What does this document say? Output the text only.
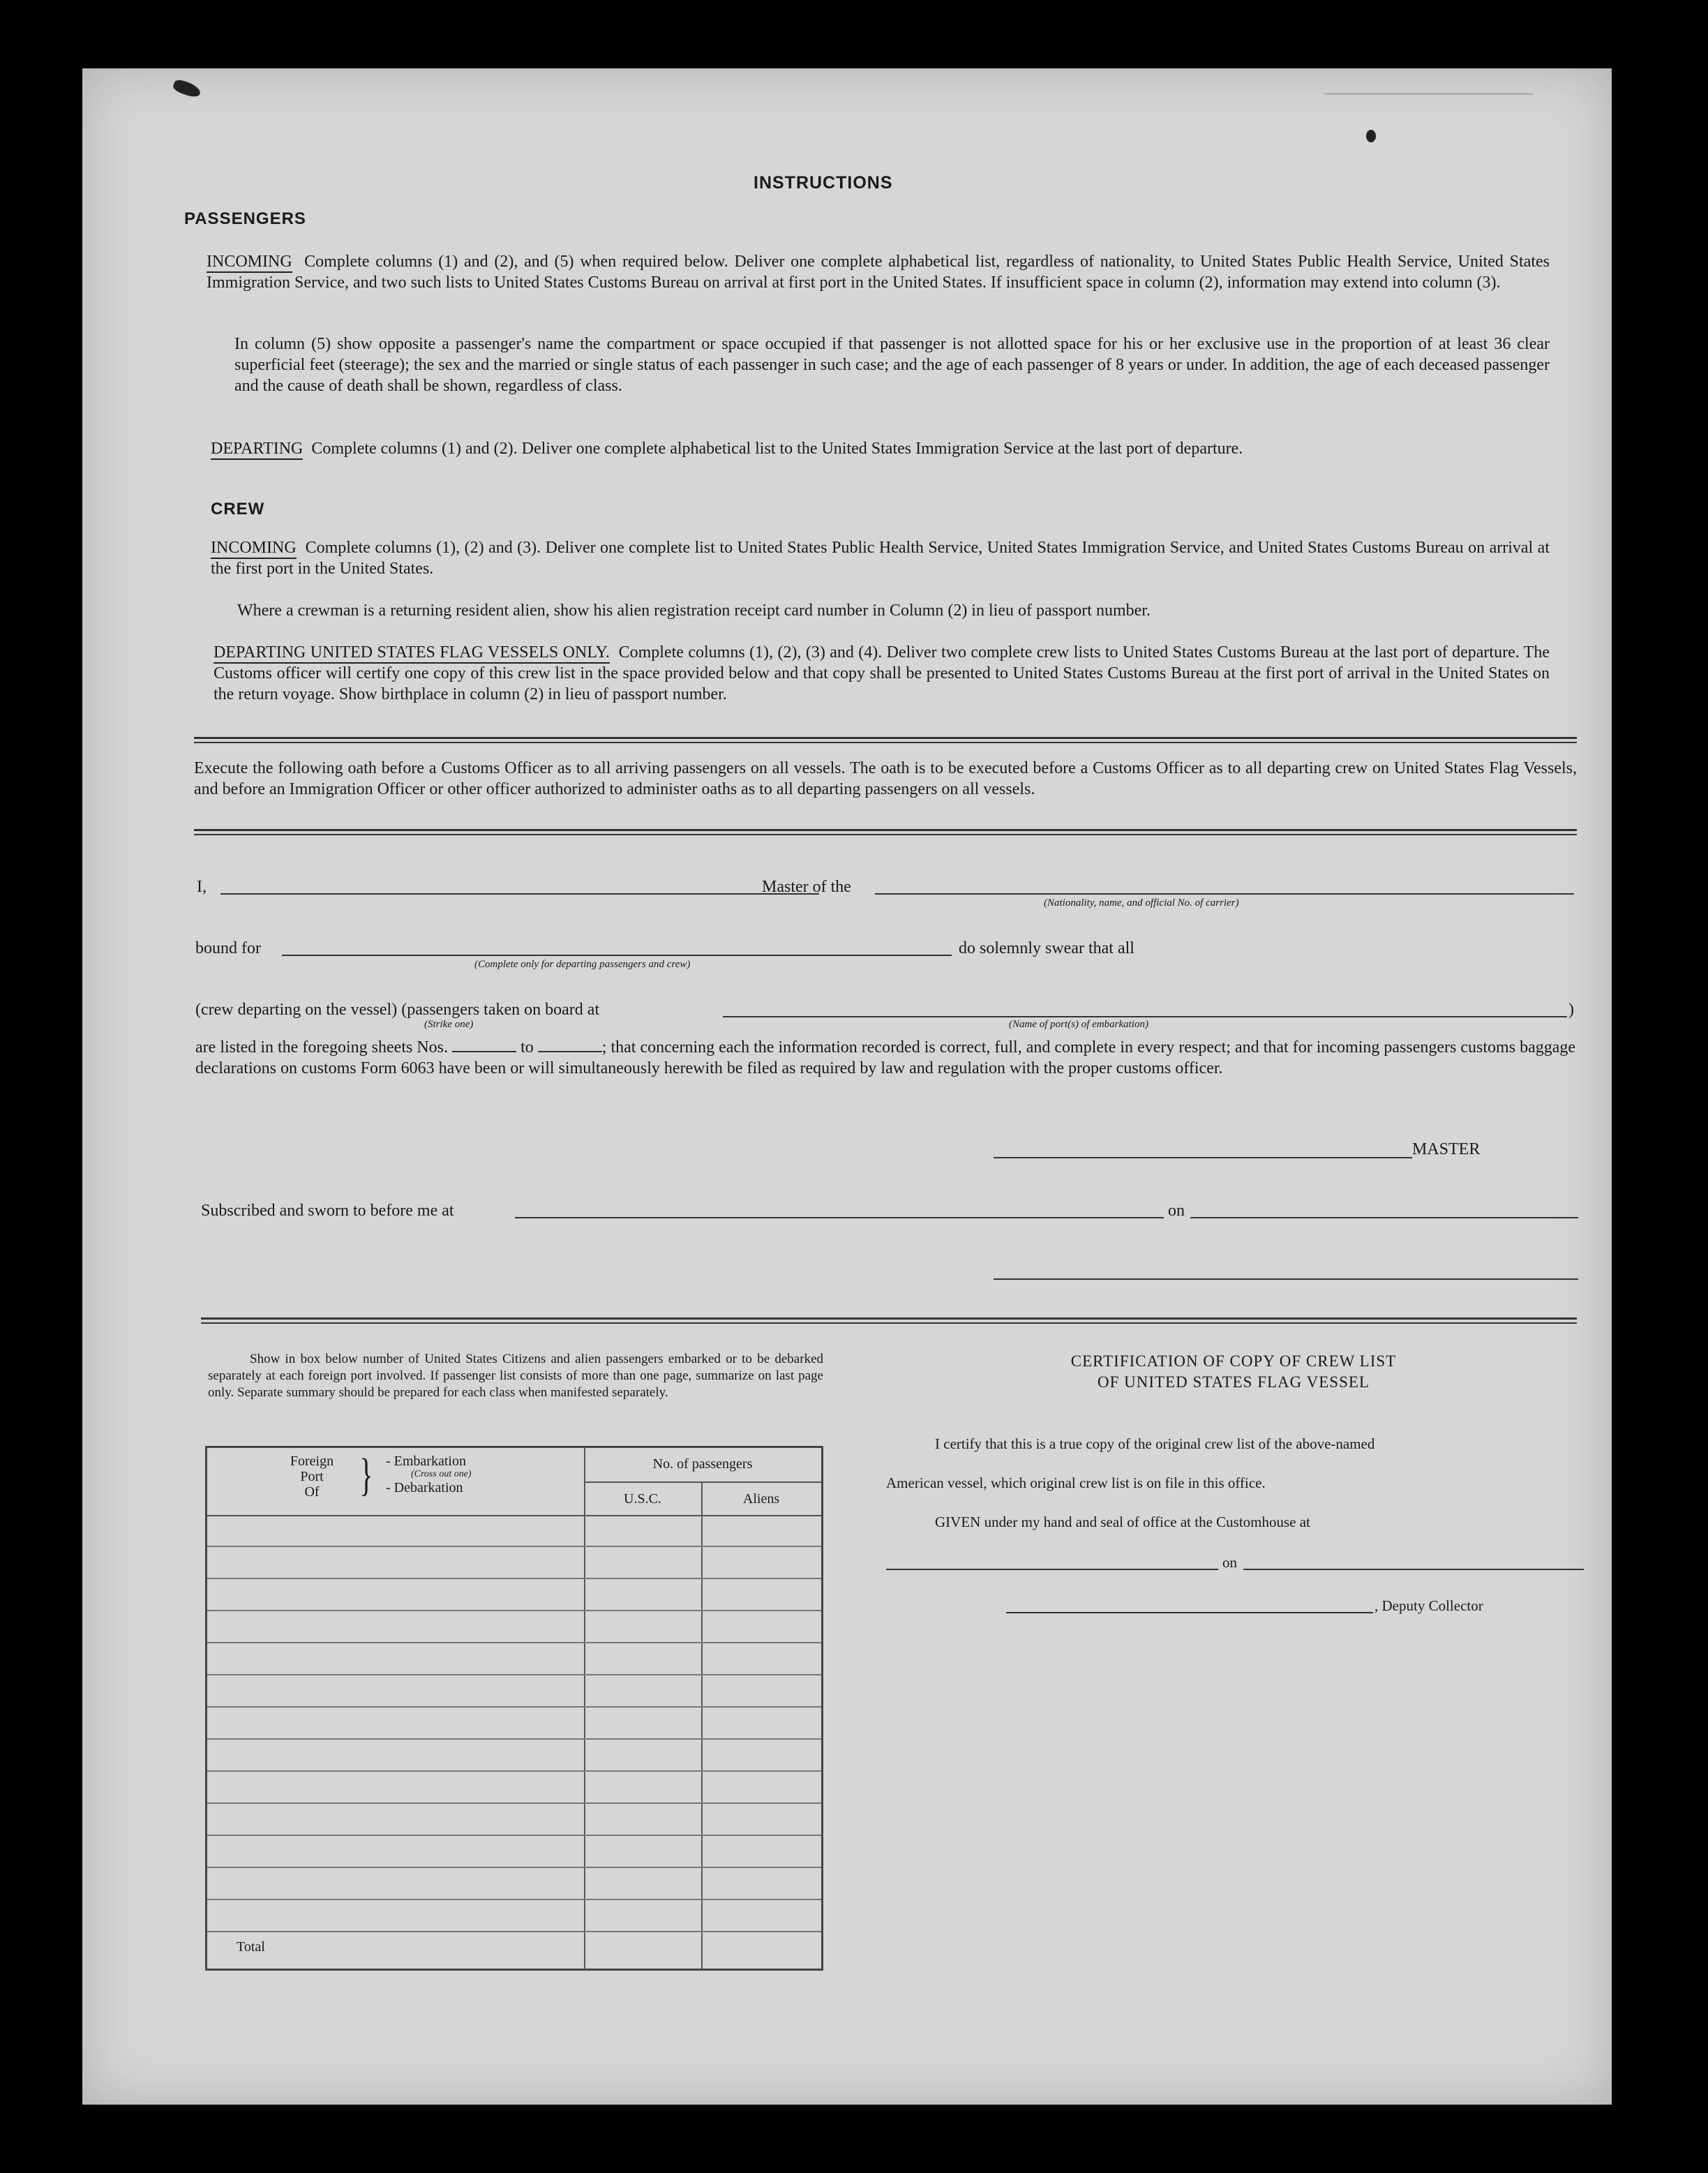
INSTRUCTIONS
PASSENGERS
INCOMING Complete columns (1) and (2), and (5) when required below. Deliver one complete alphabetical list, regardless of nationality, to United States Public Health Service, United States Immigration Service, and two such lists to United States Customs Bureau on arrival at first port in the United States. If insufficient space in column (2), information may extend into column (3).
In column (5) show opposite a passenger's name the compartment or space occupied if that passenger is not allotted space for his or her exclusive use in the proportion of at least 36 clear superficial feet (steerage); the sex and the married or single status of each passenger in such case; and the age of each passenger of 8 years or under. In addition, the age of each deceased passenger and the cause of death shall be shown, regardless of class.
DEPARTING Complete columns (1) and (2). Deliver one complete alphabetical list to the United States Immigration Service at the last port of departure.
CREW
INCOMING Complete columns (1), (2) and (3). Deliver one complete list to United States Public Health Service, United States Immigration Service, and United States Customs Bureau on arrival at the first port in the United States.
Where a crewman is a returning resident alien, show his alien registration receipt card number in Column (2) in lieu of passport number.
DEPARTING UNITED STATES FLAG VESSELS ONLY. Complete columns (1), (2), (3) and (4). Deliver two complete crew lists to United States Customs Bureau at the last port of departure. The Customs officer will certify one copy of this crew list in the space provided below and that copy shall be presented to United States Customs Bureau at the first port of arrival in the United States on the return voyage. Show birthplace in column (2) in lieu of passport number.
Execute the following oath before a Customs Officer as to all arriving passengers on all vessels. The oath is to be executed before a Customs Officer as to all departing crew on United States Flag Vessels, and before an Immigration Officer or other officer authorized to administer oaths as to all departing passengers on all vessels.
I,	Master of the
(Nationality, name, and official No. of carrier)
bound for
(Complete only for departing passengers and crew)
do solemnly swear that all
(crew departing on the vessel) (passengers taken on board at
(Strike one)	(Name of port(s) of embarkation)
)
are listed in the foregoing sheets Nos.	to	; that concerning each the information recorded is correct, full, and complete in every respect; and that for incoming passengers customs baggage declarations on customs Form 6063 have been or will simultaneously herewith be filed as required by law and regulation with the proper customs officer.
MASTER
Subscribed and sworn to before me at	on
Show in box below number of United States Citizens and alien passengers embarked or to be debarked separately at each foreign port involved. If passenger list consists of more than one page, summarize on last page only. Separate summary should be prepared for each class when manifested separately.
Foreign
Port
Of } - Embarkation
(Cross out one)
- Debarkation
No. of passengers
U.S.C.	Aliens
Total
CERTIFICATION OF COPY OF CREW LIST
OF UNITED STATES FLAG VESSEL
I certify that this is a true copy of the original crew list of the above-named
American vessel, which original crew list is on file in this office.
GIVEN under my hand and seal of office at the Customhouse at
on
, Deputy Collector
